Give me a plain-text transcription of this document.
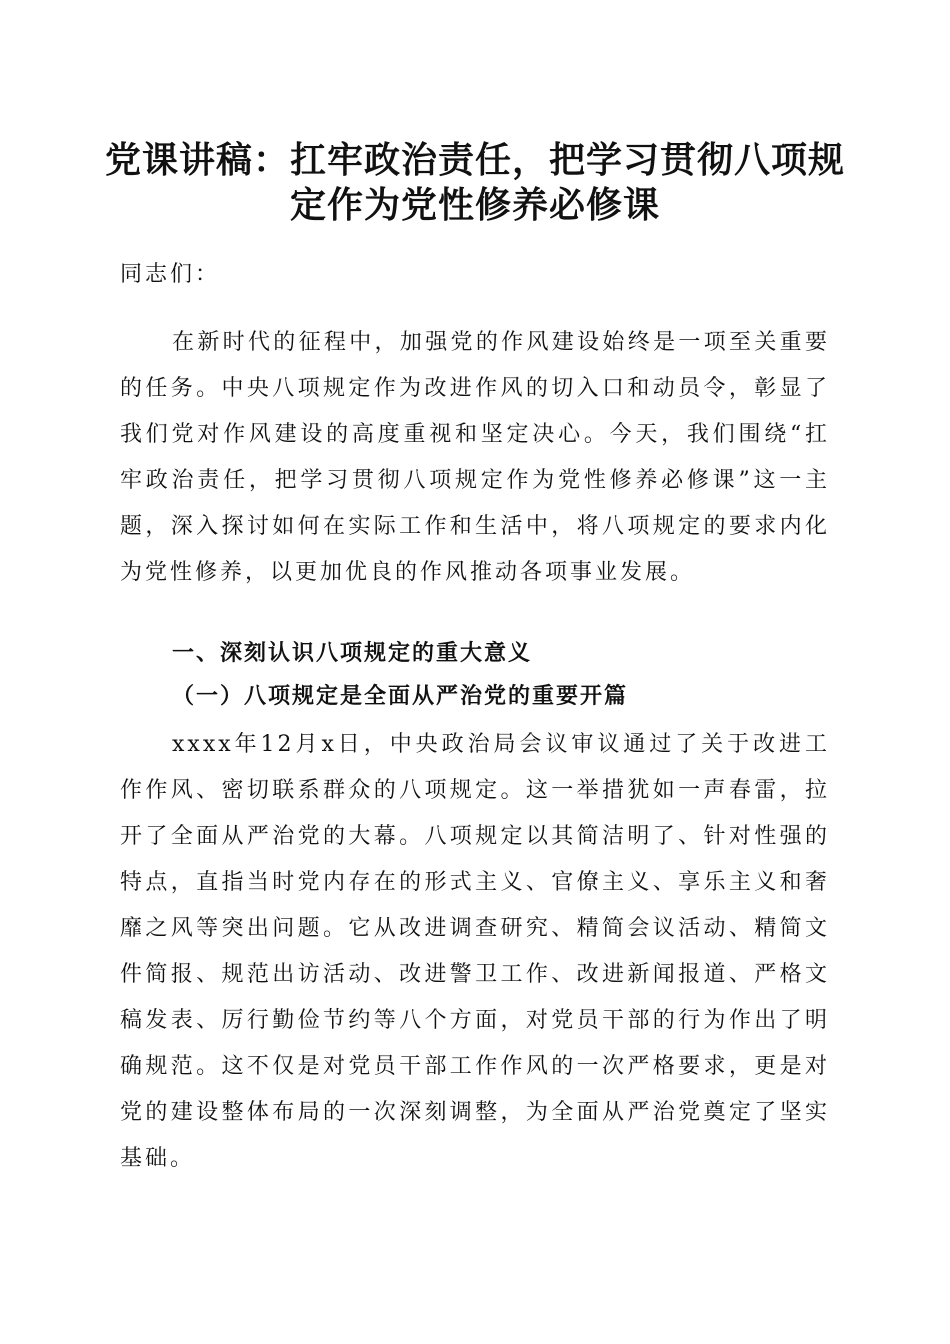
党课讲稿：扛牢政治责任，把学习贯彻八项规
定作为党性修养必修课

同志们：

在新时代的征程中，加强党的作风建设始终是一项至关重要的任务。中央八项规定作为改进作风的切入口和动员令，彰显了我们党对作风建设的高度重视和坚定决心。今天，我们围绕“扛牢政治责任，把学习贯彻八项规定作为党性修养必修课”这一主题，深入探讨如何在实际工作和生活中，将八项规定的要求内化为党性修养，以更加优良的作风推动各项事业发展。

一、深刻认识八项规定的重大意义
（一）八项规定是全面从严治党的重要开篇

xxxx年12月x日，中央政治局会议审议通过了关于改进工作作风、密切联系群众的八项规定。这一举措犹如一声春雷，拉开了全面从严治党的大幕。八项规定以其简洁明了、针对性强的特点，直指当时党内存在的形式主义、官僚主义、享乐主义和奢靡之风等突出问题。它从改进调查研究、精简会议活动、精简文件简报、规范出访活动、改进警卫工作、改进新闻报道、严格文稿发表、厉行勤俭节约等八个方面，对党员干部的行为作出了明确规范。这不仅是对党员干部工作作风的一次严格要求，更是对党的建设整体布局的一次深刻调整，为全面从严治党奠定了坚实基础。
